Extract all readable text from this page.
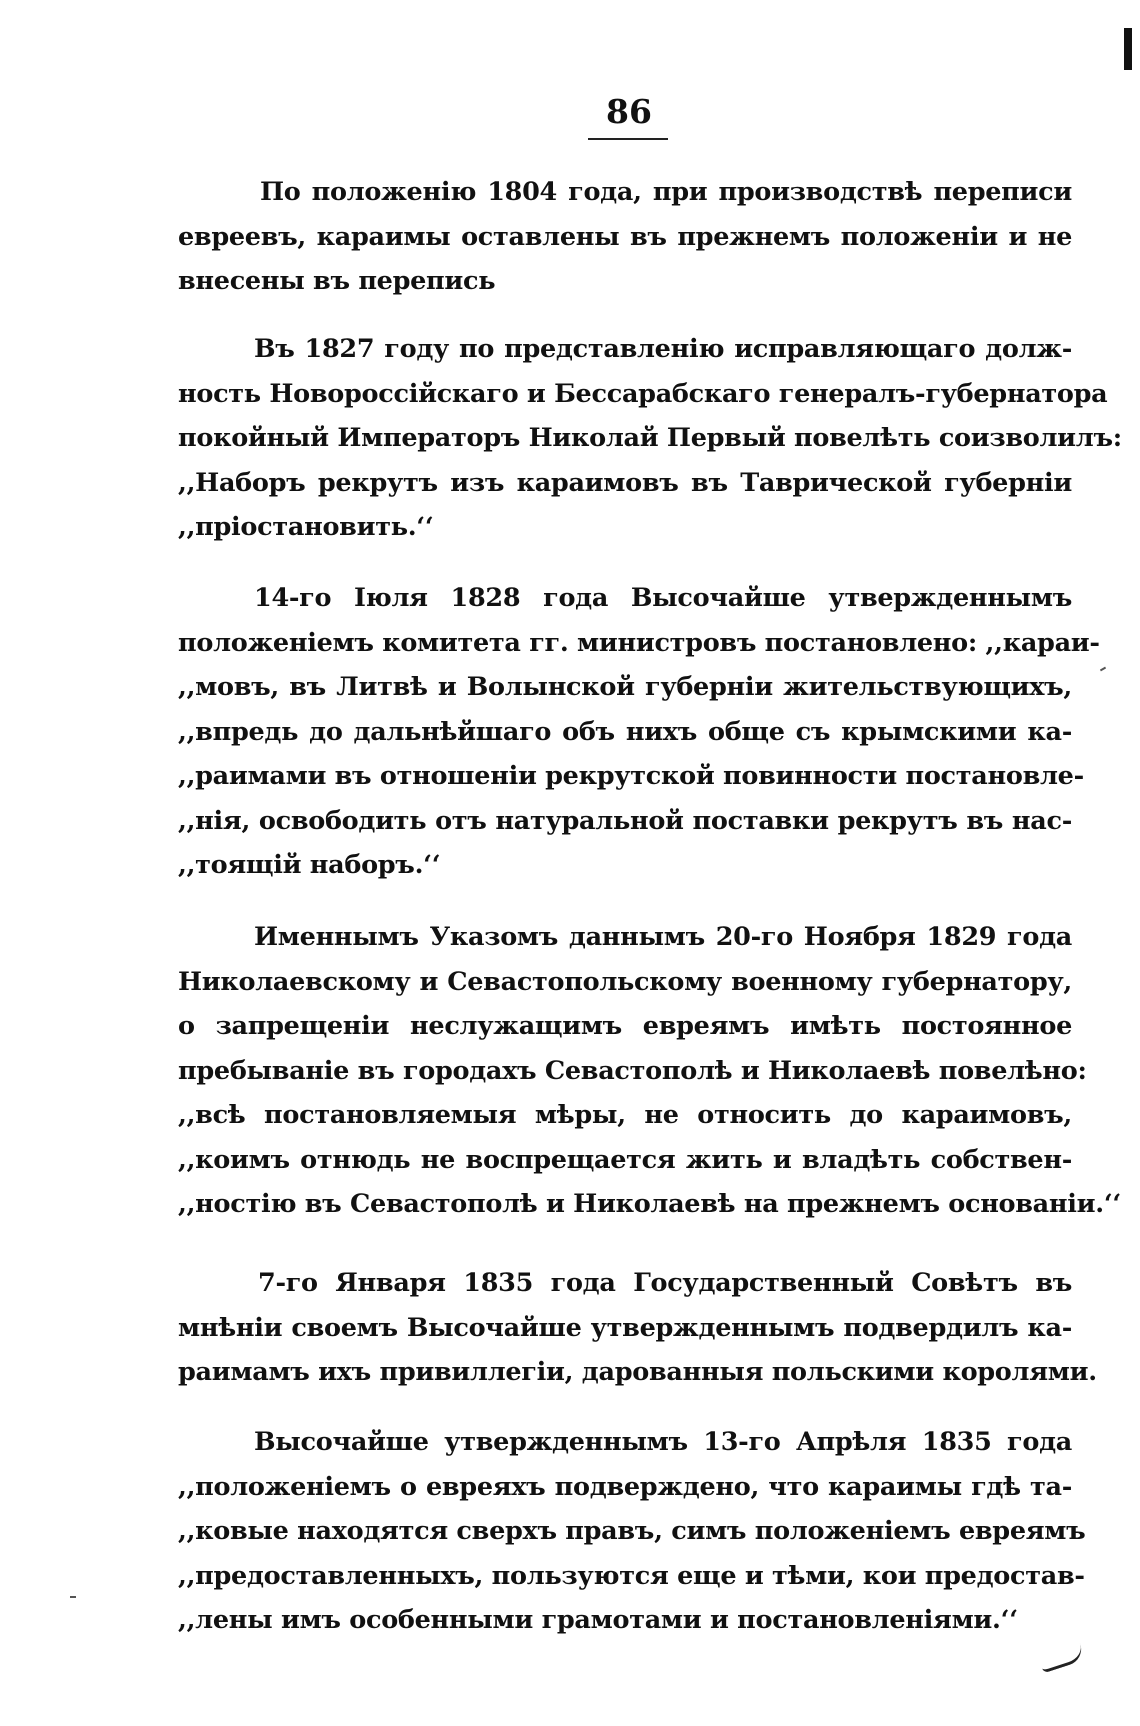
86
По положенію 1804 года, при производствѣ переписи
евреевъ, караимы оставлены въ прежнемъ положеніи и не
внесены въ перепись
Въ 1827 году по представленію исправляющаго долж-
ность Новороссійскаго и Бессарабскаго генералъ-губернатора
покойный Императоръ Николай Первый повелѣть соизволилъ:
,,Наборъ рекрутъ изъ караимовъ въ Таврической губерніи
,,пріостановить.‘‘
14-го Іюля 1828 года Высочайше утвержденнымъ
положеніемъ комитета гг. министровъ постановлено: ,,караи-
,,мовъ, въ Литвѣ и Волынской губерніи жительствующихъ,
,,впредь до дальнѣйшаго объ нихъ обще съ крымскими ка-
,,раимами въ отношеніи рекрутской повинности постановле-
,,нія, освободить отъ натуральной поставки рекрутъ въ нас-
,,тоящій наборъ.‘‘
Именнымъ Указомъ даннымъ 20-го Ноября 1829 года
Николаевскому и Севастопольскому военному губернатору,
о запрещеніи неслужащимъ евреямъ имѣть постоянное
пребываніе въ городахъ Севастополѣ и Николаевѣ повелѣно:
,,всѣ постановляемыя мѣры, не относить до караимовъ,
,,коимъ отнюдь не воспрещается жить и владѣть собствен-
,,ностію въ Севастополѣ и Николаевѣ на прежнемъ основаніи.‘‘
7-го Января 1835 года Государственный Совѣтъ въ
мнѣніи своемъ Высочайше утвержденнымъ подвердилъ ка-
раимамъ ихъ привиллегіи, дарованныя польскими королями.
Высочайше утвержденнымъ 13-го Апрѣля 1835 года
,,положеніемъ о евреяхъ подверждено, что караимы гдѣ та-
,,ковые находятся сверхъ правъ, симъ положеніемъ евреямъ
,,предоставленныхъ, пользуются еще и тѣми, кои предостав-
,,лены имъ особенными грамотами и постановленіями.‘‘
